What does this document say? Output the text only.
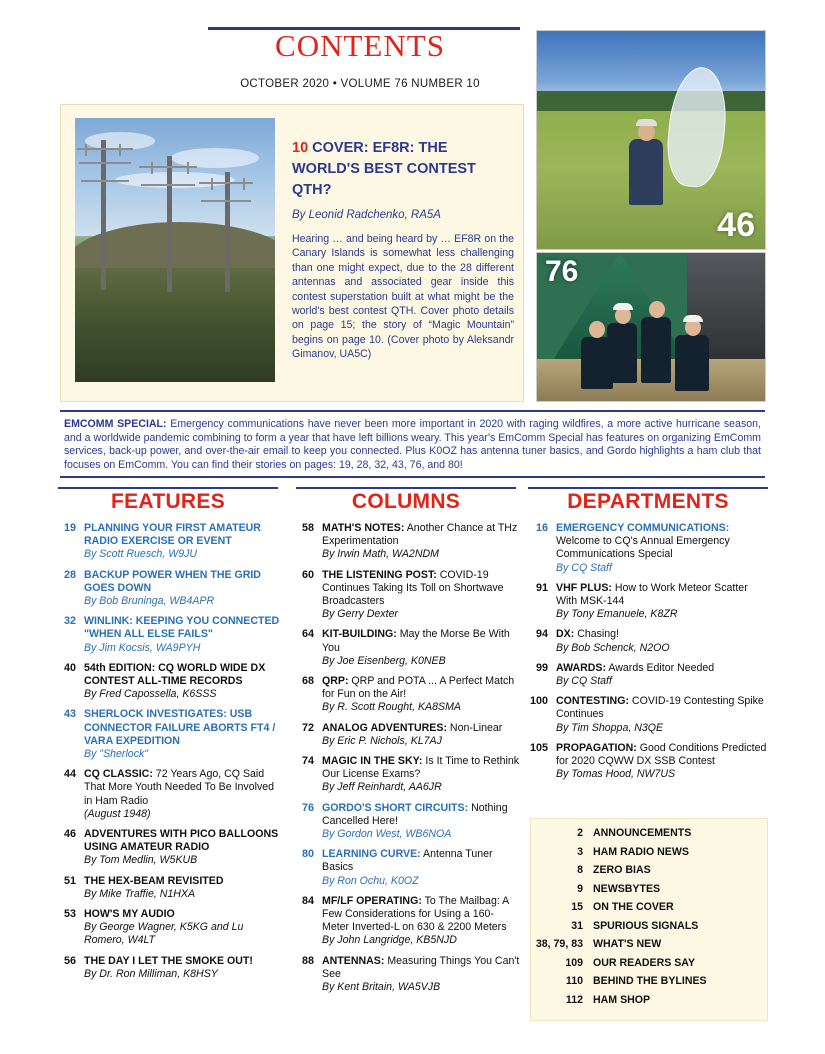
CONTENTS
OCTOBER 2020 • VOLUME 76 NUMBER 10
10 COVER: EF8R: THE WORLD'S BEST CONTEST QTH?
By Leonid Radchenko, RA5A
Hearing … and being heard by … EF8R on the Canary Islands is somewhat less challenging than one might expect, due to the 28 different antennas and associated gear inside this contest superstation built at what might be the world's best contest QTH. Cover photo details on page 15; the story of “Magic Mountain” begins on page 10. (Cover photo by Aleksandr Gimanov, UA5C)
46
76
EMCOMM SPECIAL: Emergency communications have never been more important in 2020 with raging wildfires, a more active hurricane season, and a worldwide pandemic combining to form a year that have left billions weary. This year's EmComm Special has features on organizing EmComm services, back-up power, and over-the-air email to keep you connected. Plus K0OZ has antenna tuner basics, and Gordo highlights a ham club that focuses on EmComm. You can find their stories on pages: 19, 28, 32, 43, 76, and 80!
FEATURES	COLUMNS	DEPARTMENTS
19 PLANNING YOUR FIRST AMATEUR RADIO EXERCISE OR EVENT
By Scott Ruesch, W9JU
28 BACKUP POWER WHEN THE GRID GOES DOWN
By Bob Bruninga, WB4APR
32 WINLINK: KEEPING YOU CONNECTED "WHEN ALL ELSE FAILS"
By Jim Kocsis, WA9PYH
40 54th EDITION: CQ WORLD WIDE DX CONTEST ALL-TIME RECORDS
By Fred Capossella, K6SSS
43 SHERLOCK INVESTIGATES: USB CONNECTOR FAILURE ABORTS FT4 / VARA EXPEDITION
By "Sherlock"
44 CQ CLASSIC: 72 Years Ago, CQ Said That More Youth Needed To Be Involved in Ham Radio
(August 1948)
46 ADVENTURES WITH PICO BALLOONS USING AMATEUR RADIO
By Tom Medlin, W5KUB
51 THE HEX-BEAM REVISITED
By Mike Traffie, N1HXA
53 HOW'S MY AUDIO
By George Wagner, K5KG and Lu Romero, W4LT
56 THE DAY I LET THE SMOKE OUT!
By Dr. Ron Milliman, K8HSY
58 MATH'S NOTES: Another Chance at THz Experimentation
By Irwin Math, WA2NDM
60 THE LISTENING POST: COVID-19 Continues Taking Its Toll on Shortwave Broadcasters
By Gerry Dexter
64 KIT-BUILDING: May the Morse Be With You
By Joe Eisenberg, K0NEB
68 QRP: QRP and POTA ... A Perfect Match for Fun on the Air!
By R. Scott Rought, KA8SMA
72 ANALOG ADVENTURES: Non-Linear
By Eric P. Nichols, KL7AJ
74 MAGIC IN THE SKY: Is It Time to Rethink Our License Exams?
By Jeff Reinhardt, AA6JR
76 GORDO'S SHORT CIRCUITS: Nothing Cancelled Here!
By Gordon West, WB6NOA
80 LEARNING CURVE: Antenna Tuner Basics
By Ron Ochu, K0OZ
84 MF/LF OPERATING: To The Mailbag: A Few Considerations for Using a 160-Meter Inverted-L on 630 & 2200 Meters
By John Langridge, KB5NJD
88 ANTENNAS: Measuring Things You Can't See
By Kent Britain, WA5VJB
16 EMERGENCY COMMUNICATIONS: Welcome to CQ's Annual Emergency Communications Special
By CQ Staff
91 VHF PLUS: How to Work Meteor Scatter With MSK-144
By Tony Emanuele, K8ZR
94 DX: Chasing!
By Bob Schenck, N2OO
99 AWARDS: Awards Editor Needed
By CQ Staff
100 CONTESTING: COVID-19 Contesting Spike Continues
By Tim Shoppa, N3QE
105 PROPAGATION: Good Conditions Predicted for 2020 CQWW DX SSB Contest
By Tomas Hood, NW7US
2 ANNOUNCEMENTS
3 HAM RADIO NEWS
8 ZERO BIAS
9 NEWSBYTES
15 ON THE COVER
31 SPURIOUS SIGNALS
38, 79, 83 WHAT'S NEW
109 OUR READERS SAY
110 BEHIND THE BYLINES
112 HAM SHOP
